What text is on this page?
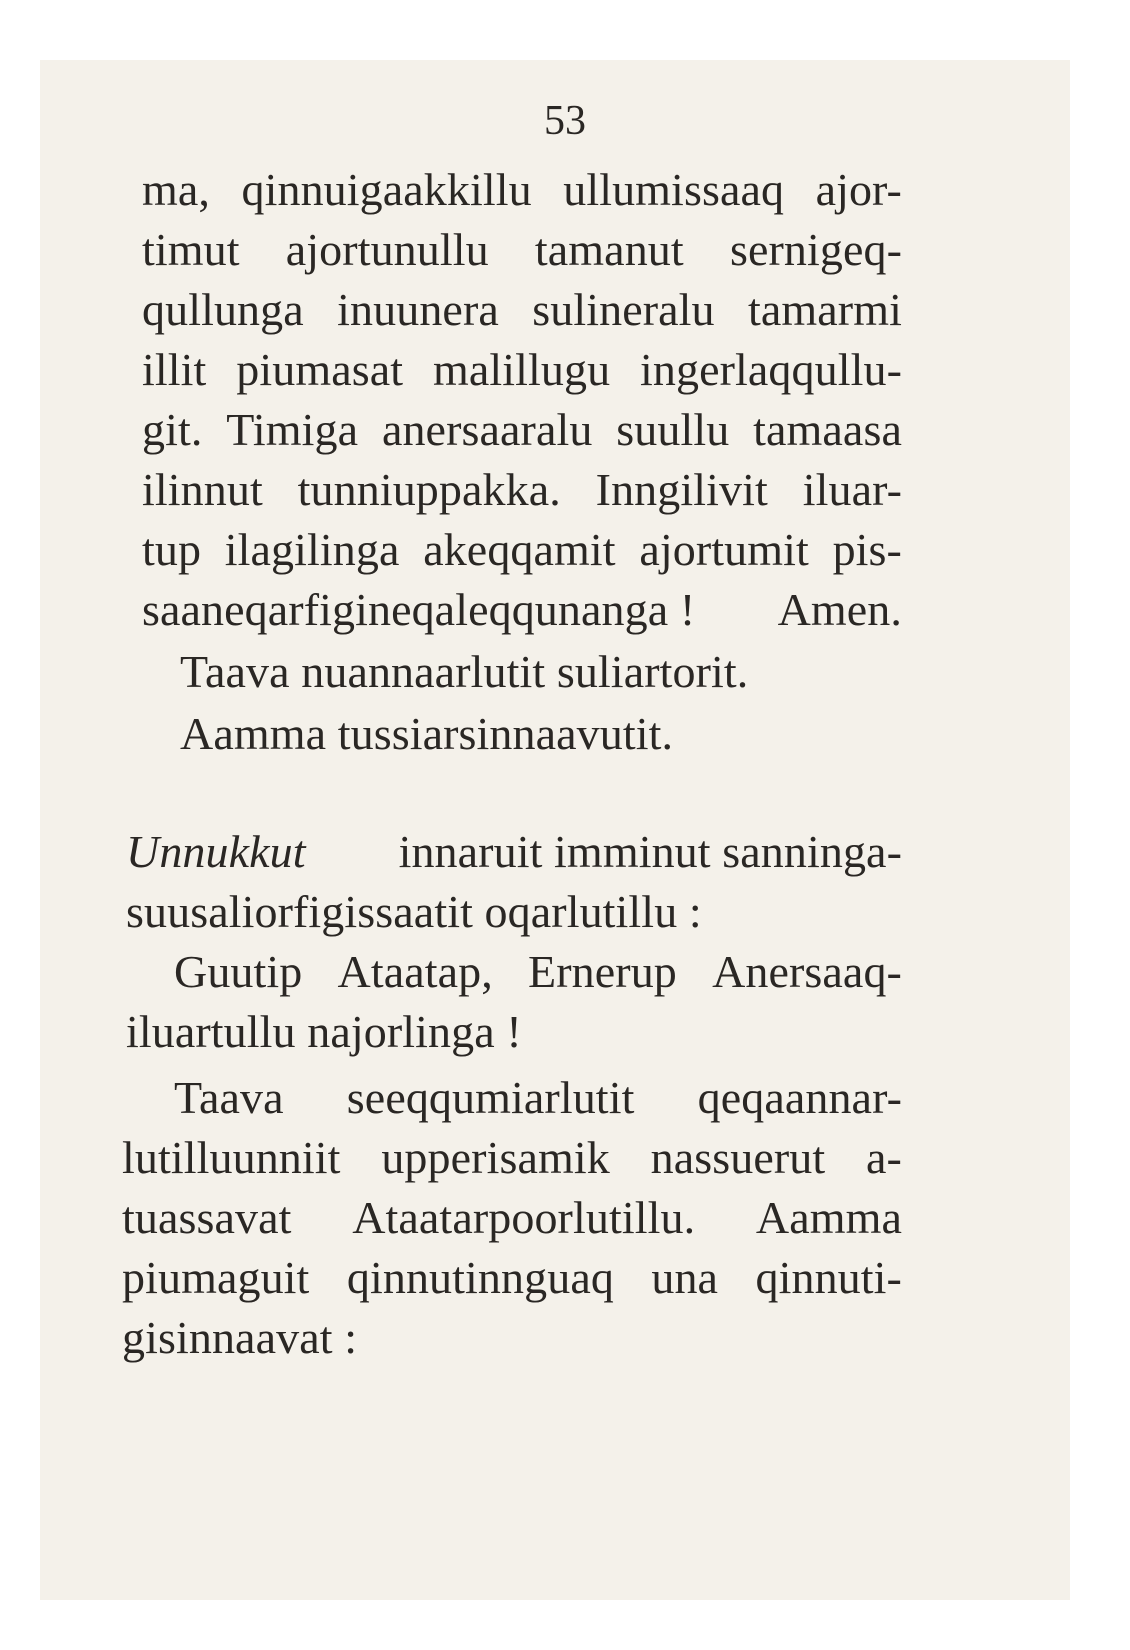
53
ma, qinnuigaakkillu ullumissaaq ajor-
timut ajortunullu tamanut sernigeq-
qullunga inuunera sulineralu tamarmi
illit piumasat malillugu ingerlaqqullu-
git. Timiga anersaaralu suullu tamaasa
ilinnut tunniuppakka. Inngilivit iluar-
tup ilagilinga akeqqamit ajortumit pis-
saaneqarfigineqaleqqunanga ! Amen.
Taava nuannaarlutit suliartorit.
Aamma tussiarsinnaavutit.
Unnukkut innaruit imminut sanninga-
suusaliorfigissaatit oqarlutillu :
Guutip Ataatap, Ernerup Anersaaq-
iluartullu najorlinga !
Taava seeqqumiarlutit qeqaannar-
lutilluunniit upperisamik nassuerut a-
tuassavat Ataatarpoorlutillu. Aamma
piumaguit qinnutinnguaq una qinnuti-
gisinnaavat :
